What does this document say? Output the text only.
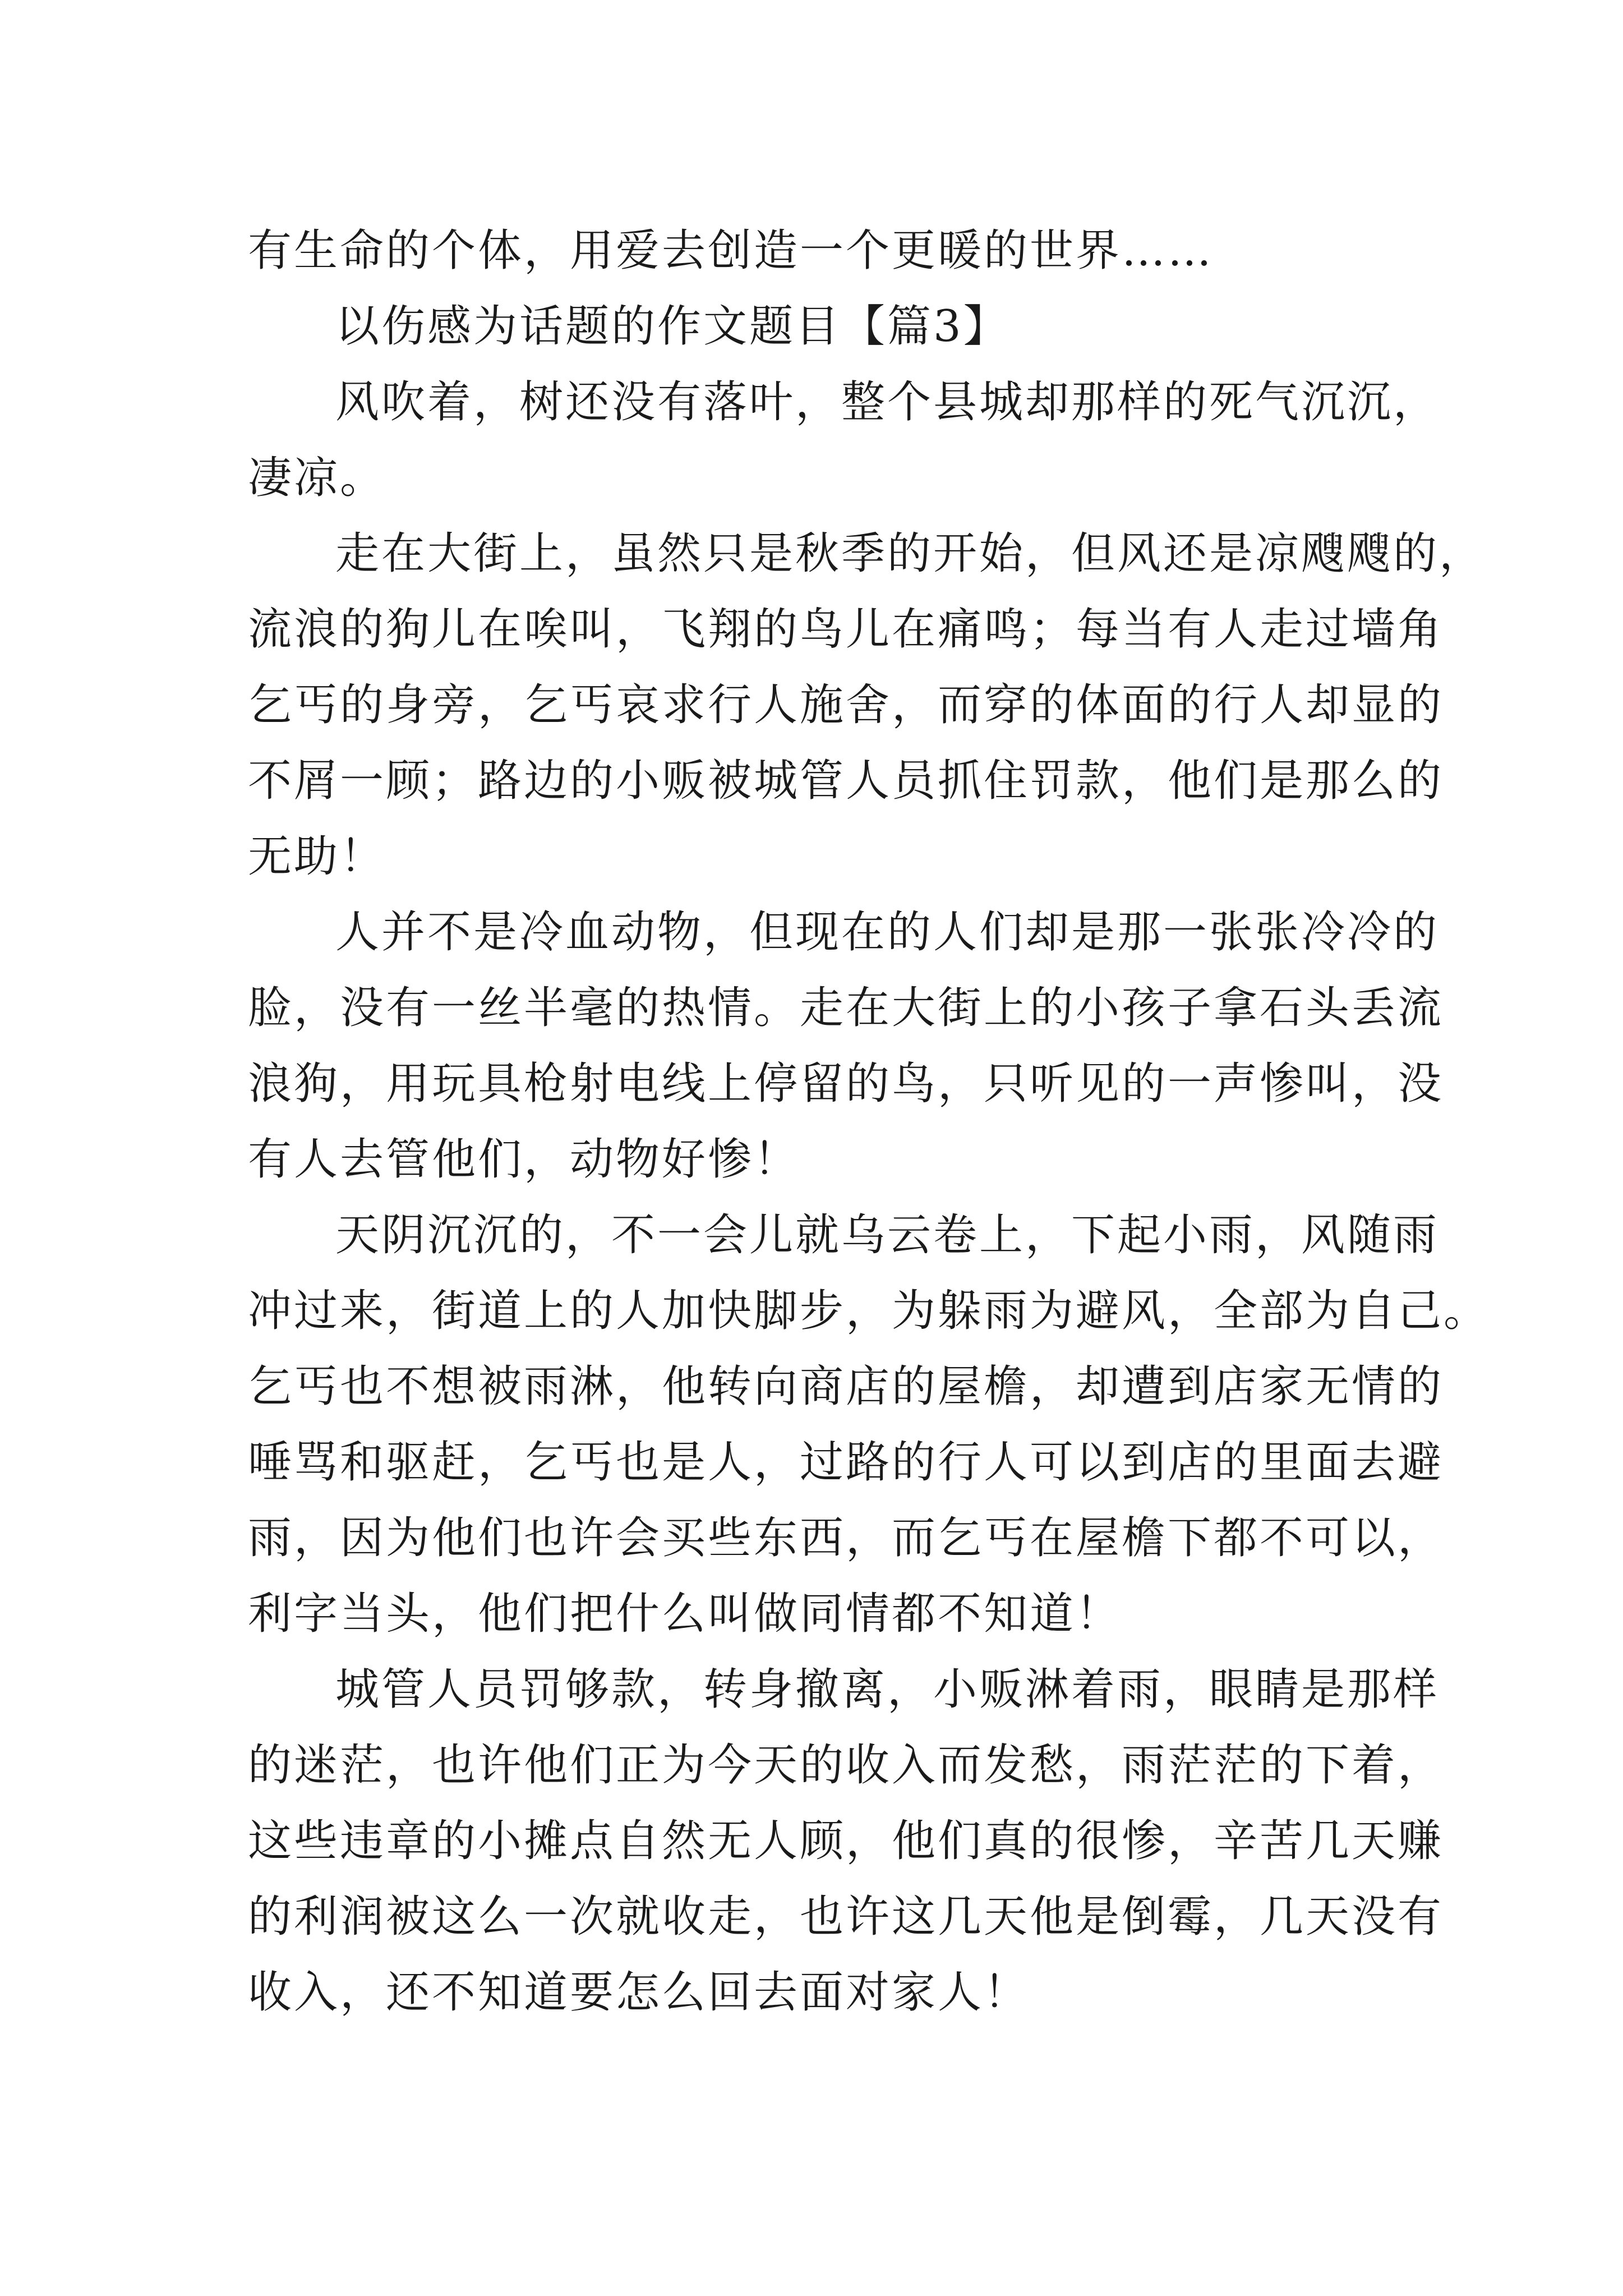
有生命的个体，用爱去创造一个更暖的世界……
以伤感为话题的作文题目【篇3】
风吹着，树还没有落叶，整个县城却那样的死气沉沉，
凄凉。
走在大街上，虽然只是秋季的开始，但风还是凉飕飕的，
流浪的狗儿在唉叫，飞翔的鸟儿在痛鸣；每当有人走过墙角
乞丐的身旁，乞丐哀求行人施舍，而穿的体面的行人却显的
不屑一顾；路边的小贩被城管人员抓住罚款，他们是那么的
无助！
人并不是冷血动物，但现在的人们却是那一张张冷冷的
脸，没有一丝半毫的热情。走在大街上的小孩子拿石头丢流
浪狗，用玩具枪射电线上停留的鸟，只听见的一声惨叫，没
有人去管他们，动物好惨！
天阴沉沉的，不一会儿就乌云卷上，下起小雨，风随雨
冲过来，街道上的人加快脚步，为躲雨为避风，全部为自己。
乞丐也不想被雨淋，他转向商店的屋檐，却遭到店家无情的
唾骂和驱赶，乞丐也是人，过路的行人可以到店的里面去避
雨，因为他们也许会买些东西，而乞丐在屋檐下都不可以，
利字当头，他们把什么叫做同情都不知道！
城管人员罚够款，转身撤离，小贩淋着雨，眼睛是那样
的迷茫，也许他们正为今天的收入而发愁，雨茫茫的下着，
这些违章的小摊点自然无人顾，他们真的很惨，辛苦几天赚
的利润被这么一次就收走，也许这几天他是倒霉，几天没有
收入，还不知道要怎么回去面对家人！
